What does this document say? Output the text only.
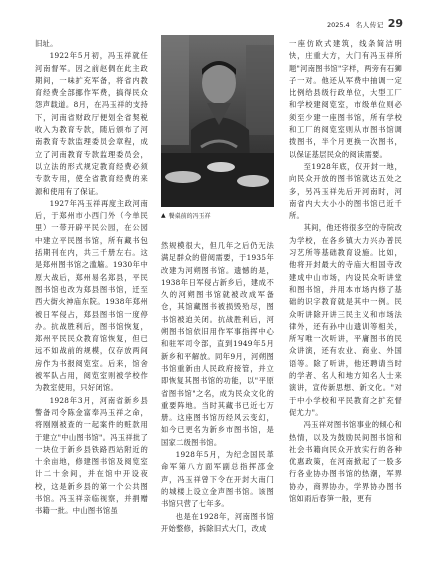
2025.4 名人传记 29

旧址。

1922年5月初，冯玉祥就任河南督军。因之前赵倜在此主政期间，一味扩充军备，将省内教育经费全部挪作军费，搞得民众怨声载道。8月，在冯玉祥的支持下，河南省财政厅便划全省契税收入为教育专款，随后颁布了河南教育专款监理委员会章程，成立了河南教育专款监理委员会，以立法的形式规定教育经费必须专款专用，使全省教育经费的来源和使用有了保证。

1927年冯玉祥再度主政河南后，于郑州市小西门外（今单民里）一带开辟平民公园，在公园中建立平民图书馆，所有藏书包括期刊在内，共三千册左右。这是郑州图书馆之滥觞。1930年中原大战后，郑州易名郑县，平民图书馆也改为郑县图书馆，迁至西大街火神庙东院。1938年郑州被日军侵占，郑县图书馆一度停办。抗战胜利后，图书馆恢复，郑州平民民众教育馆恢复，但已远不如战前的规模，仅存放两间房作为书报阅览室。后来，馆舍被军队占用，阅览室则被学校作为教室使用，只好闭馆。

1928年3月，河南省新乡县警备司令陈金富奉冯玉祥之命，将刚刚被查的一起案件的赃款用于建立"中山图书馆"。冯玉祥批了一块位于新乡县铁路西站附近的十余亩地，修建图书馆及阅览室计二十余间，并在馆中开设夜校，这是新乡县的第一个公共图书馆。冯玉祥亲临视察，并捐赠书籍一批。中山图书馆虽

▲ 餐桌前的冯玉祥

然规模很大，但几年之后仍无法满足群众的借阅需要，于1935年改建为河朔图书馆。遗憾的是，1938年日军侵占新乡后，建成不久的河朔图书馆就被改成军备仓，其馆藏图书被损毁殆尽，图书馆被迫关闭。抗战胜利后，河朔图书馆依旧用作军事指挥中心和驻军司令部，直到1949年5月新乡和平解放。同年9月，河朔图书馆重新由人民政府接管，并立即恢复其图书馆的功能，以"平原省图书馆"之名，成为民众文化的重要阵地。当时其藏书已近七万册。这座图书馆历经风云变幻，如今已更名为新乡市图书馆，是国家二级图书馆。

1928年5月，为纪念国民革命军第八方面军副总指挥邵金声，冯玉祥曾下令在开封大南门的城楼上设立金声图书馆。该图书馆只营了七年多。

也是在1928年，河南图书馆开始整修，拆除旧式大门，改成

一座仿欧式建筑，线条简洁明快，庄重大方，大门有冯玉祥所题"河南图书馆"字样，两旁有石狮子一对。他还从军费中抽调一定比例给县级行政单位，大型工厂和学校建阅览室，市级单位则必须至少建一座图书馆，所有学校和工厂的阅览室则从市图书馆调拨图书，半个月更换一次图书，以保证基层民众的阅读需要。

至1928年底，仅开封一地，向民众开放的图书馆就达五处之多，另冯玉祥先后开河南时，河南省内大大小小的图书馆已近千所。

其间，他还将很多空的寺院改为学校，在各乡镇大力兴办普民习艺所等基础教育设施。比如，他将开封最大的寺庙大相国寺改建成中山市场，内设民众听讲堂和图书馆，并用本市场内修了基础的识字教育就是其中一例。民众听讲除开讲三民主义和市场法律外，还有孙中山遗训等相关，所写唯一次听讲，平庸图书的民众讲演，还有农业、商业、外国语等。除了听讲，他还聘请当时的学者、名人和地方知名人士来演讲，宣传新思想、新文化。"对于中小学校和平民教育之扩充督促尤力"。

冯玉祥对图书馆事业的倾心和热情，以及为鼓励民间图书馆和社会书籍向民众开放实行的各种优惠政策，在河南掀起了一股多行各业协办图书馆的热潮，军界协办，商界协办，学界协办图书馆如雨后春笋一般，更有
